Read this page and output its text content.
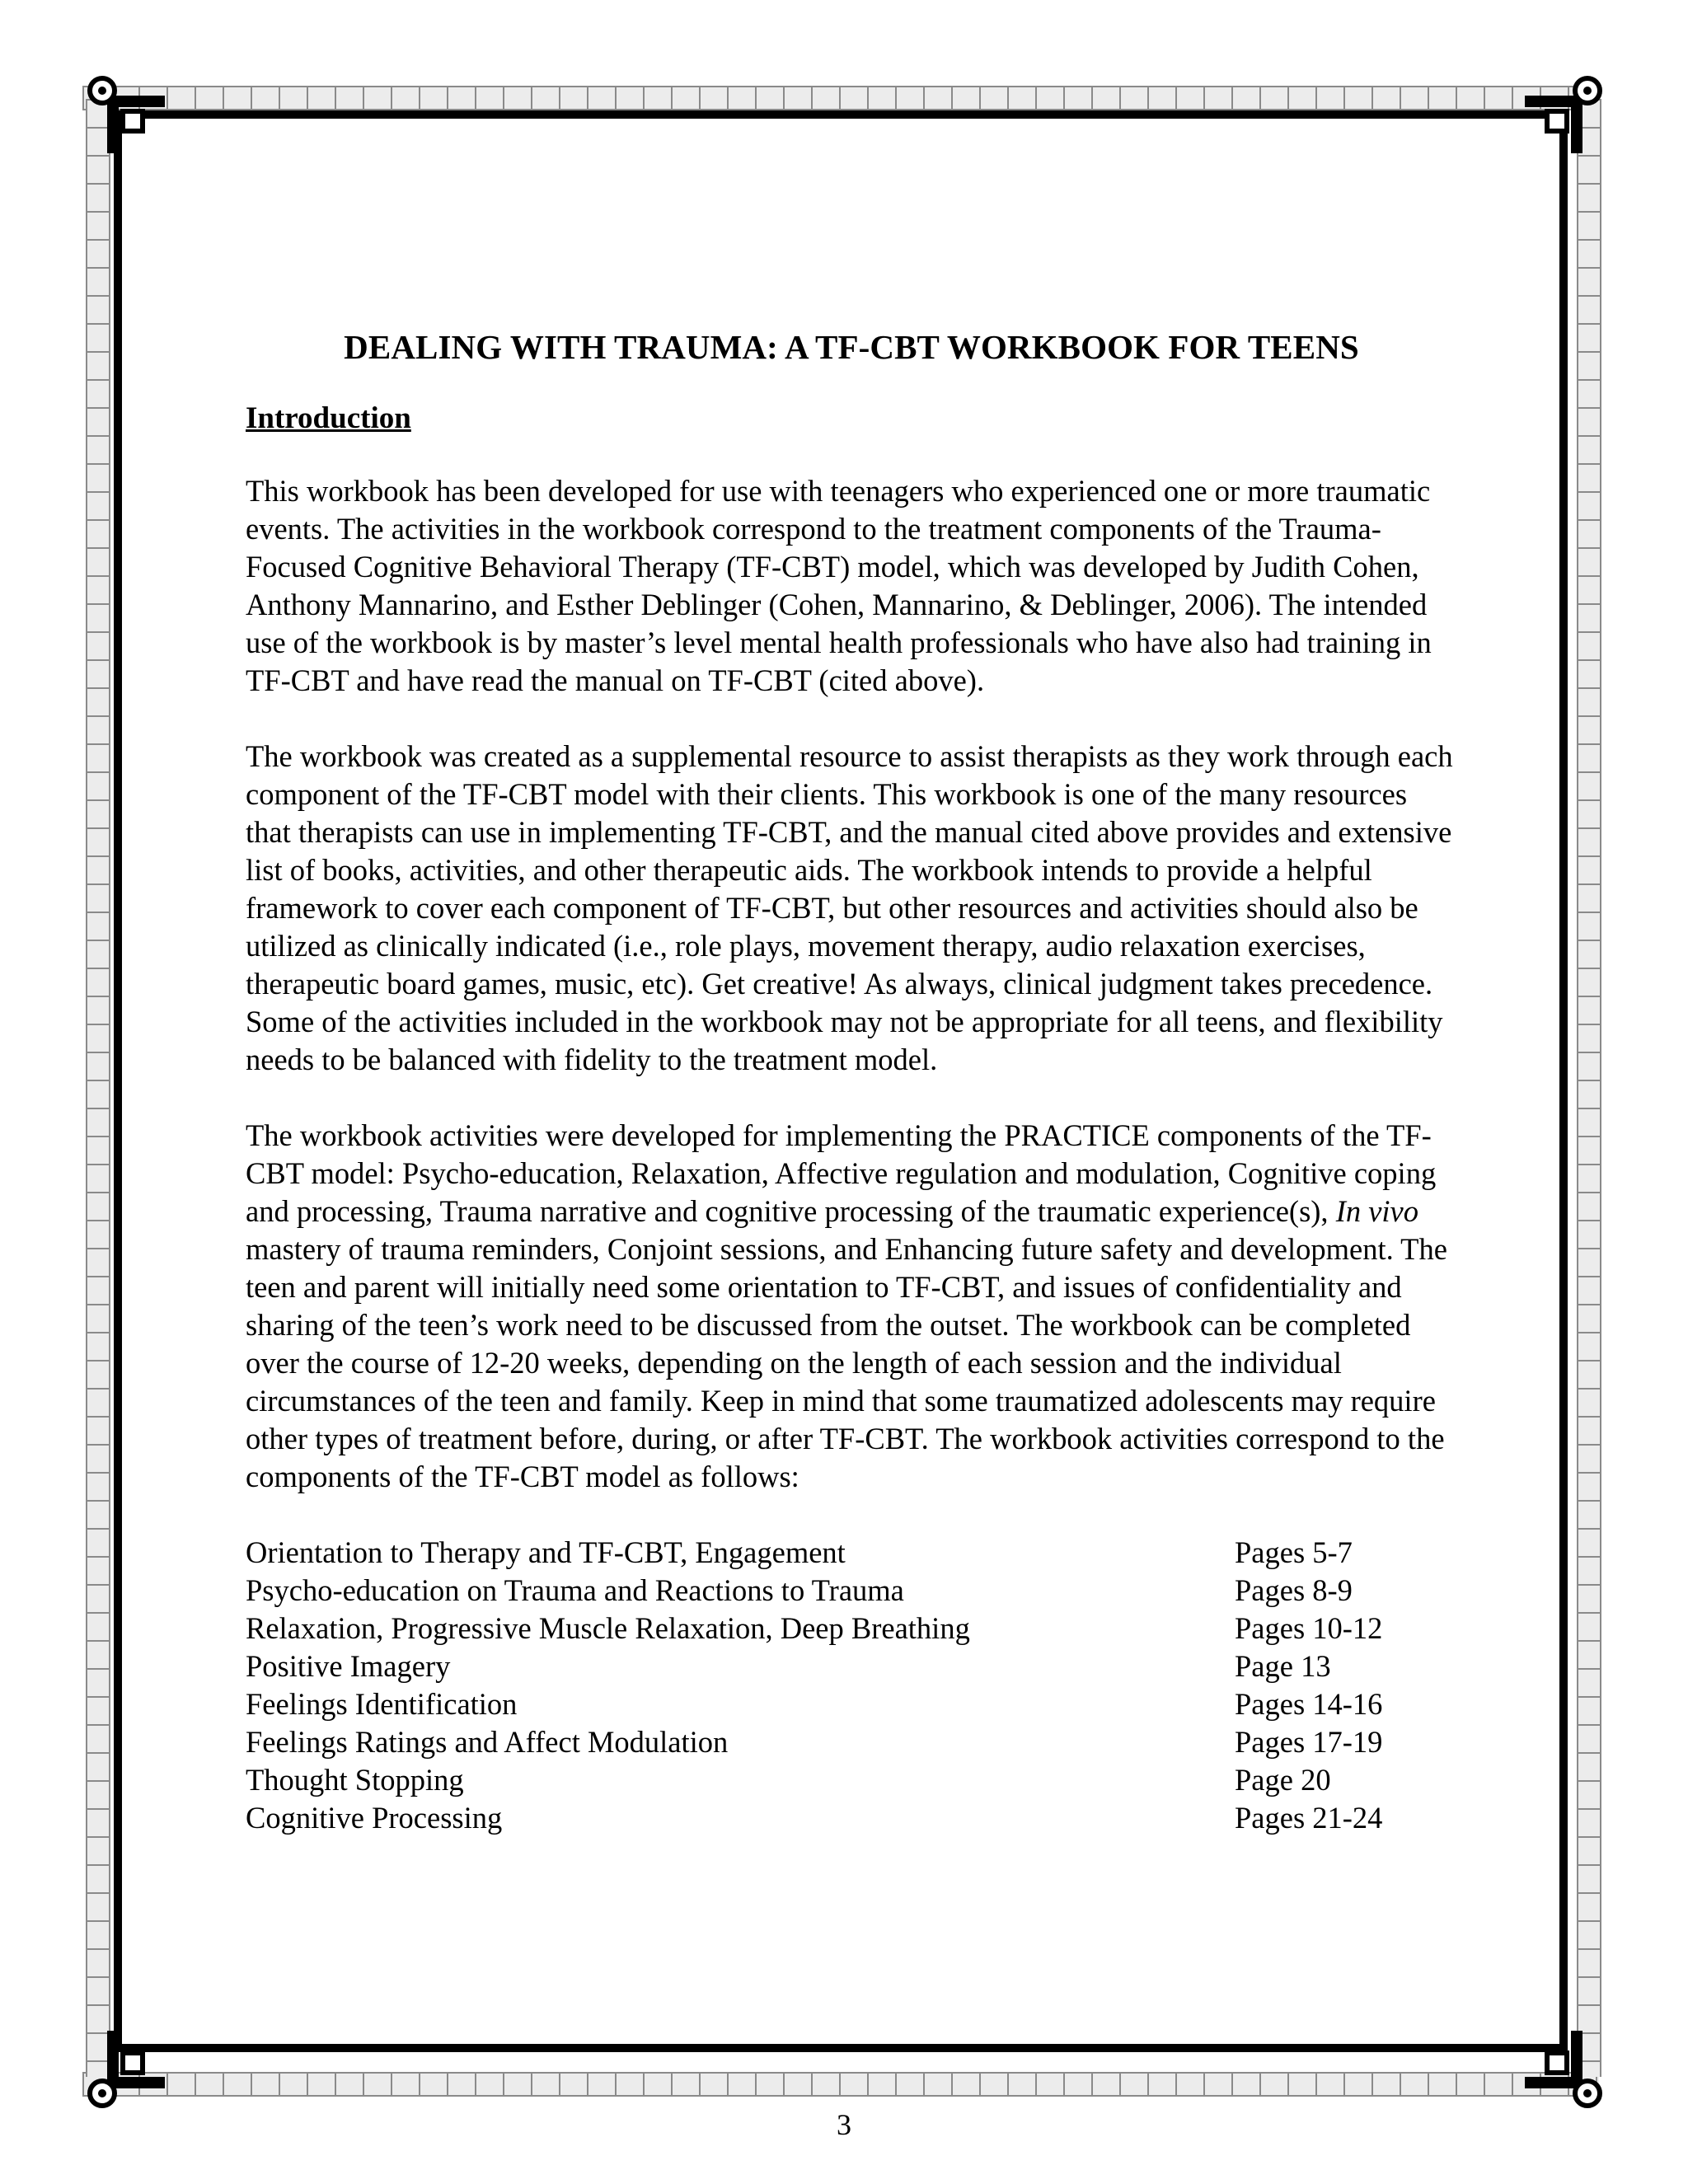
DEALING WITH TRAUMA: A TF-CBT WORKBOOK FOR TEENS
Introduction

This workbook has been developed for use with teenagers who experienced one or more traumatic events. The activities in the workbook correspond to the treatment components of the Trauma-Focused Cognitive Behavioral Therapy (TF-CBT) model, which was developed by Judith Cohen, Anthony Mannarino, and Esther Deblinger (Cohen, Mannarino, & Deblinger, 2006). The intended use of the workbook is by master’s level mental health professionals who have also had training in TF-CBT and have read the manual on TF-CBT (cited above).

The workbook was created as a supplemental resource to assist therapists as they work through each component of the TF-CBT model with their clients. This workbook is one of the many resources that therapists can use in implementing TF-CBT, and the manual cited above provides and extensive list of books, activities, and other therapeutic aids. The workbook intends to provide a helpful framework to cover each component of TF-CBT, but other resources and activities should also be utilized as clinically indicated (i.e., role plays, movement therapy, audio relaxation exercises, therapeutic board games, music, etc). Get creative! As always, clinical judgment takes precedence. Some of the activities included in the workbook may not be appropriate for all teens, and flexibility needs to be balanced with fidelity to the treatment model.

The workbook activities were developed for implementing the PRACTICE components of the TF-CBT model: Psycho-education, Relaxation, Affective regulation and modulation, Cognitive coping and processing, Trauma narrative and cognitive processing of the traumatic experience(s), In vivo mastery of trauma reminders, Conjoint sessions, and Enhancing future safety and development. The teen and parent will initially need some orientation to TF-CBT, and issues of confidentiality and sharing of the teen’s work need to be discussed from the outset. The workbook can be completed over the course of 12-20 weeks, depending on the length of each session and the individual circumstances of the teen and family. Keep in mind that some traumatized adolescents may require other types of treatment before, during, or after TF-CBT. The workbook activities correspond to the components of the TF-CBT model as follows:

Orientation to Therapy and TF-CBT, Engagement	Pages 5-7
Psycho-education on Trauma and Reactions to Trauma	Pages 8-9
Relaxation, Progressive Muscle Relaxation, Deep Breathing	Pages 10-12
Positive Imagery	Page 13
Feelings Identification	Pages 14-16
Feelings Ratings and Affect Modulation	Pages 17-19
Thought Stopping	Page 20
Cognitive Processing	Pages 21-24
3
